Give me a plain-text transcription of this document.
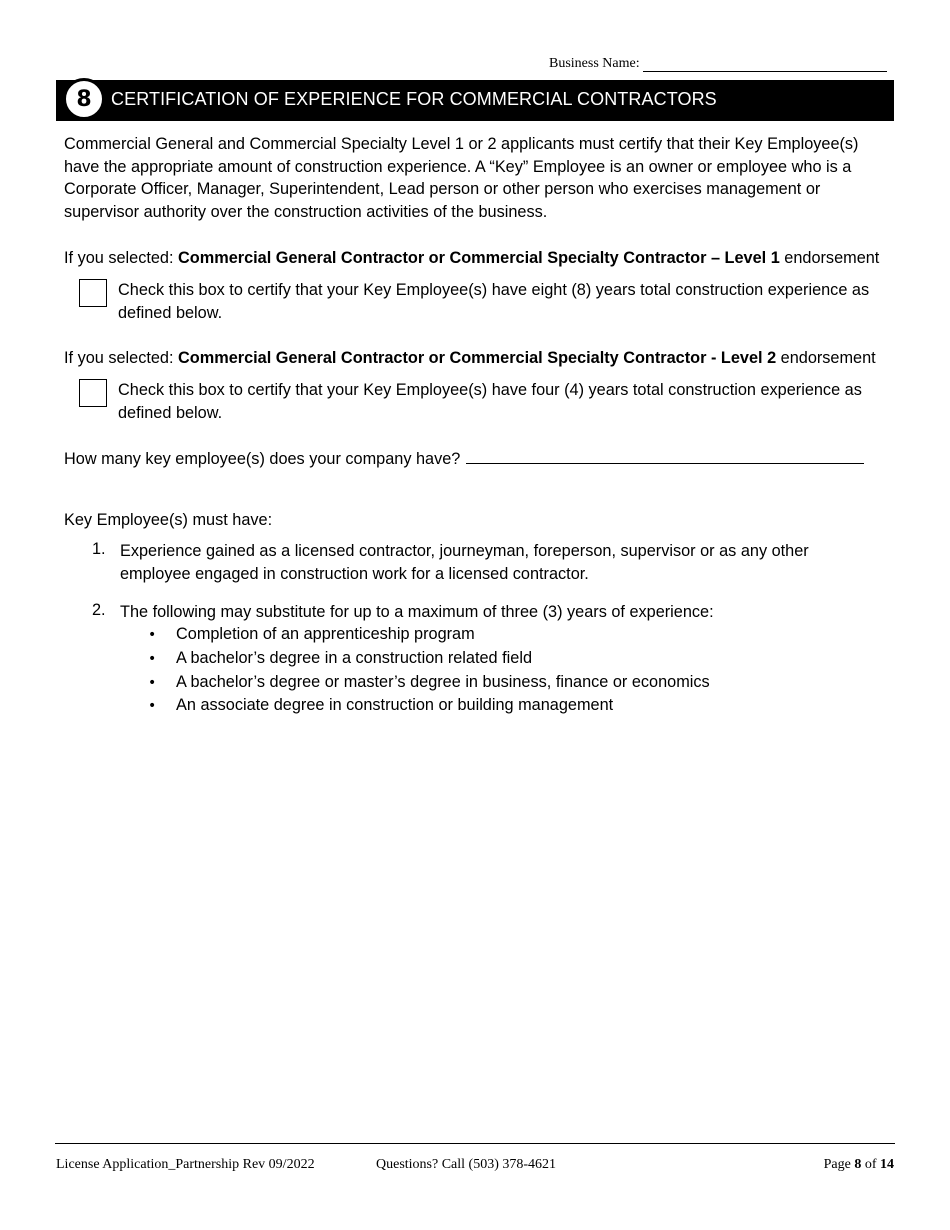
Business Name:
8	CERTIFICATION OF EXPERIENCE FOR COMMERCIAL CONTRACTORS
Commercial General and Commercial Specialty Level 1 or 2 applicants must certify that their Key Employee(s) have the appropriate amount of construction experience. A “Key” Employee is an owner or employee who is a Corporate Officer, Manager, Superintendent, Lead person or other person who exercises management or supervisor authority over the construction activities of the business.
If you selected: Commercial General Contractor or Commercial Specialty Contractor – Level 1 endorsement
Check this box to certify that your Key Employee(s) have eight (8) years total construction experience as defined below.
If you selected: Commercial General Contractor or Commercial Specialty Contractor - Level 2 endorsement
Check this box to certify that your Key Employee(s) have four (4) years total construction experience as defined below.
How many key employee(s) does your company have?
Key Employee(s) must have:
1. Experience gained as a licensed contractor, journeyman, foreperson, supervisor or as any other employee engaged in construction work for a licensed contractor.
2. The following may substitute for up to a maximum of three (3) years of experience:
• Completion of an apprenticeship program
• A bachelor’s degree in a construction related field
• A bachelor’s degree or master’s degree in business, finance or economics
• An associate degree in construction or building management
License Application_Partnership Rev 09/2022	Questions? Call (503) 378-4621	Page 8 of 14
